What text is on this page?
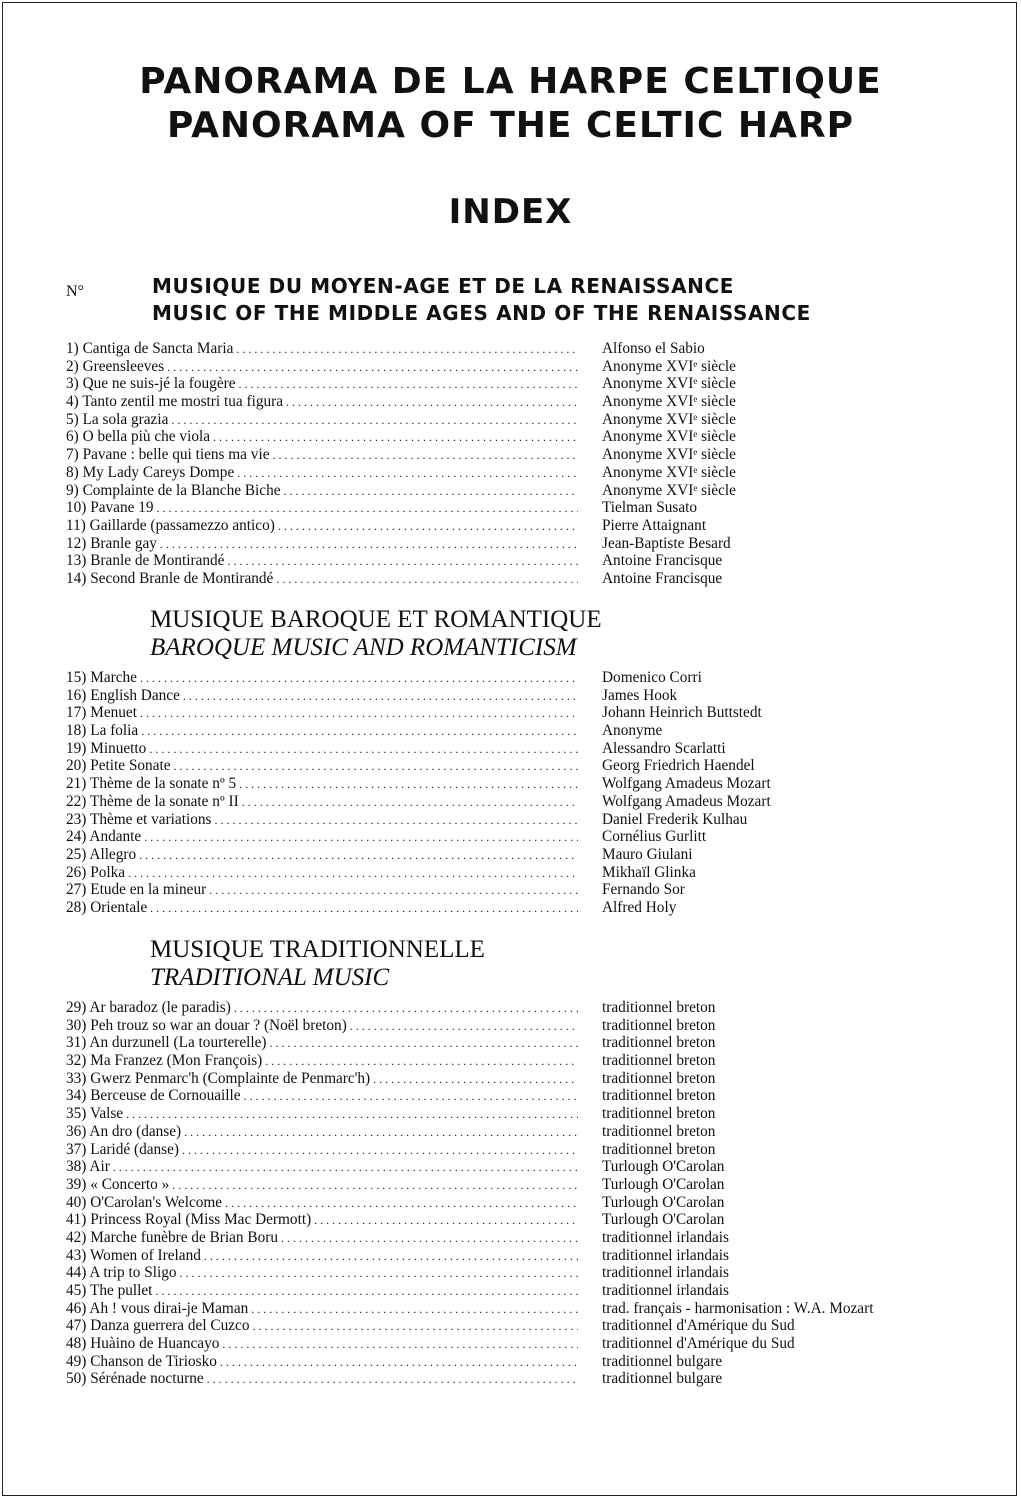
PANORAMA DE LA HARPE CELTIQUE
PANORAMA OF THE CELTIC HARP
INDEX
N°	MUSIQUE DU MOYEN-AGE ET DE LA RENAISSANCE
MUSIC OF THE MIDDLE AGES AND OF THE RENAISSANCE
1) Cantiga de Sancta Maria . . .	Alfonso el Sabio
2) Greensleeves . . .	Anonyme XVIᵉ siècle
3) Que ne suis-jé la fougère . . .	Anonyme XVIᵉ siècle
4) Tanto zentil me mostri tua figura . . .	Anonyme XVIᵉ siècle
5) La sola grazia . . .	Anonyme XVIᵉ siècle
6) O bella più che viola . . .	Anonyme XVIᵉ siècle
7) Pavane : belle qui tiens ma vie . . .	Anonyme XVIᵉ siècle
8) My Lady Careys Dompe . . .	Anonyme XVIᵉ siècle
9) Complainte de la Blanche Biche . . .	Anonyme XVIᵉ siècle
10) Pavane 19 . . .	Tielman Susato
11) Gaillarde (passamezzo antico) . . .	Pierre Attaignant
12) Branle gay . . .	Jean-Baptiste Besard
13) Branle de Montirandé . . .	Antoine Francisque
14) Second Branle de Montirandé . . .	Antoine Francisque
MUSIQUE BAROQUE ET ROMANTIQUE
BAROQUE MUSIC AND ROMANTICISM
15) Marche . . .	Domenico Corri
16) English Dance . . .	James Hook
17) Menuet . . .	Johann Heinrich Buttstedt
18) La folia . . .	Anonyme
19) Minuetto . . .	Alessandro Scarlatti
20) Petite Sonate . . .	Georg Friedrich Haendel
21) Thème de la sonate nº 5 . . .	Wolfgang Amadeus Mozart
22) Thème de la sonate nº II . . .	Wolfgang Amadeus Mozart
23) Thème et variations . . .	Daniel Frederik Kulhau
24) Andante . . .	Cornélius Gurlitt
25) Allegro . . .	Mauro Giulani
26) Polka . . .	Mikhaïl Glinka
27) Etude en la mineur . . .	Fernando Sor
28) Orientale . . .	Alfred Holy
MUSIQUE TRADITIONNELLE
TRADITIONAL MUSIC
29) Ar baradoz (le paradis) . . .	traditionnel breton
30) Peh trouz so war an douar ? (Noël breton) . . .	traditionnel breton
31) An durzunell (La tourterelle) . . .	traditionnel breton
32) Ma Franzez (Mon François) . . .	traditionnel breton
33) Gwerz Penmarc'h (Complainte de Penmarc'h) . . .	traditionnel breton
34) Berceuse de Cornouaille . . .	traditionnel breton
35) Valse . . .	traditionnel breton
36) An dro (danse) . . .	traditionnel breton
37) Laridé (danse) . . .	traditionnel breton
38) Air . . .	Turlough O'Carolan
39) « Concerto » . . .	Turlough O'Carolan
40) O'Carolan's Welcome . . .	Turlough O'Carolan
41) Princess Royal (Miss Mac Dermott) . . .	Turlough O'Carolan
42) Marche funèbre de Brian Boru . . .	traditionnel irlandais
43) Women of Ireland . . .	traditionnel irlandais
44) A trip to Sligo . . .	traditionnel irlandais
45) The pullet . . .	traditionnel irlandais
46) Ah ! vous dirai-je Maman . . .	trad. français - harmonisation : W.A. Mozart
47) Danza guerrera del Cuzco . . .	traditionnel d'Amérique du Sud
48) Huàino de Huancayo . . .	traditionnel d'Amérique du Sud
49) Chanson de Tiriosko . . .	traditionnel bulgare
50) Sérénade nocturne . . .	traditionnel bulgare
